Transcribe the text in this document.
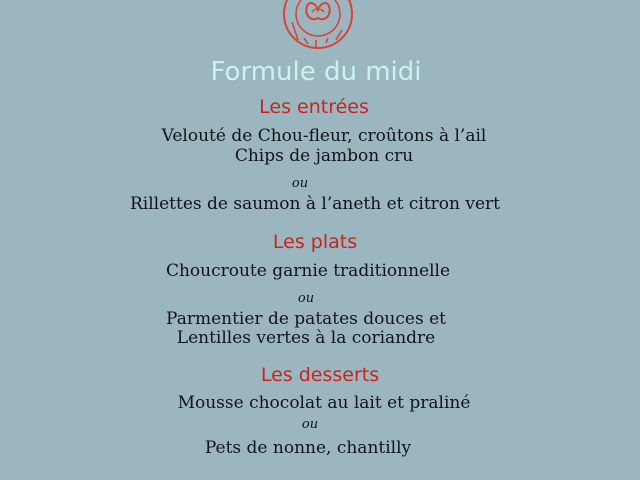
Formule du midi
Les entrées
Velouté de Chou-fleur, croûtons à l’ail
Chips de jambon cru
ou
Rillettes de saumon à l’aneth et citron vert
Les plats
Choucroute garnie traditionnelle
ou
Parmentier de patates douces et
Lentilles vertes à la coriandre
Les desserts
Mousse chocolat au lait et praliné
ou
Pets de nonne, chantilly
